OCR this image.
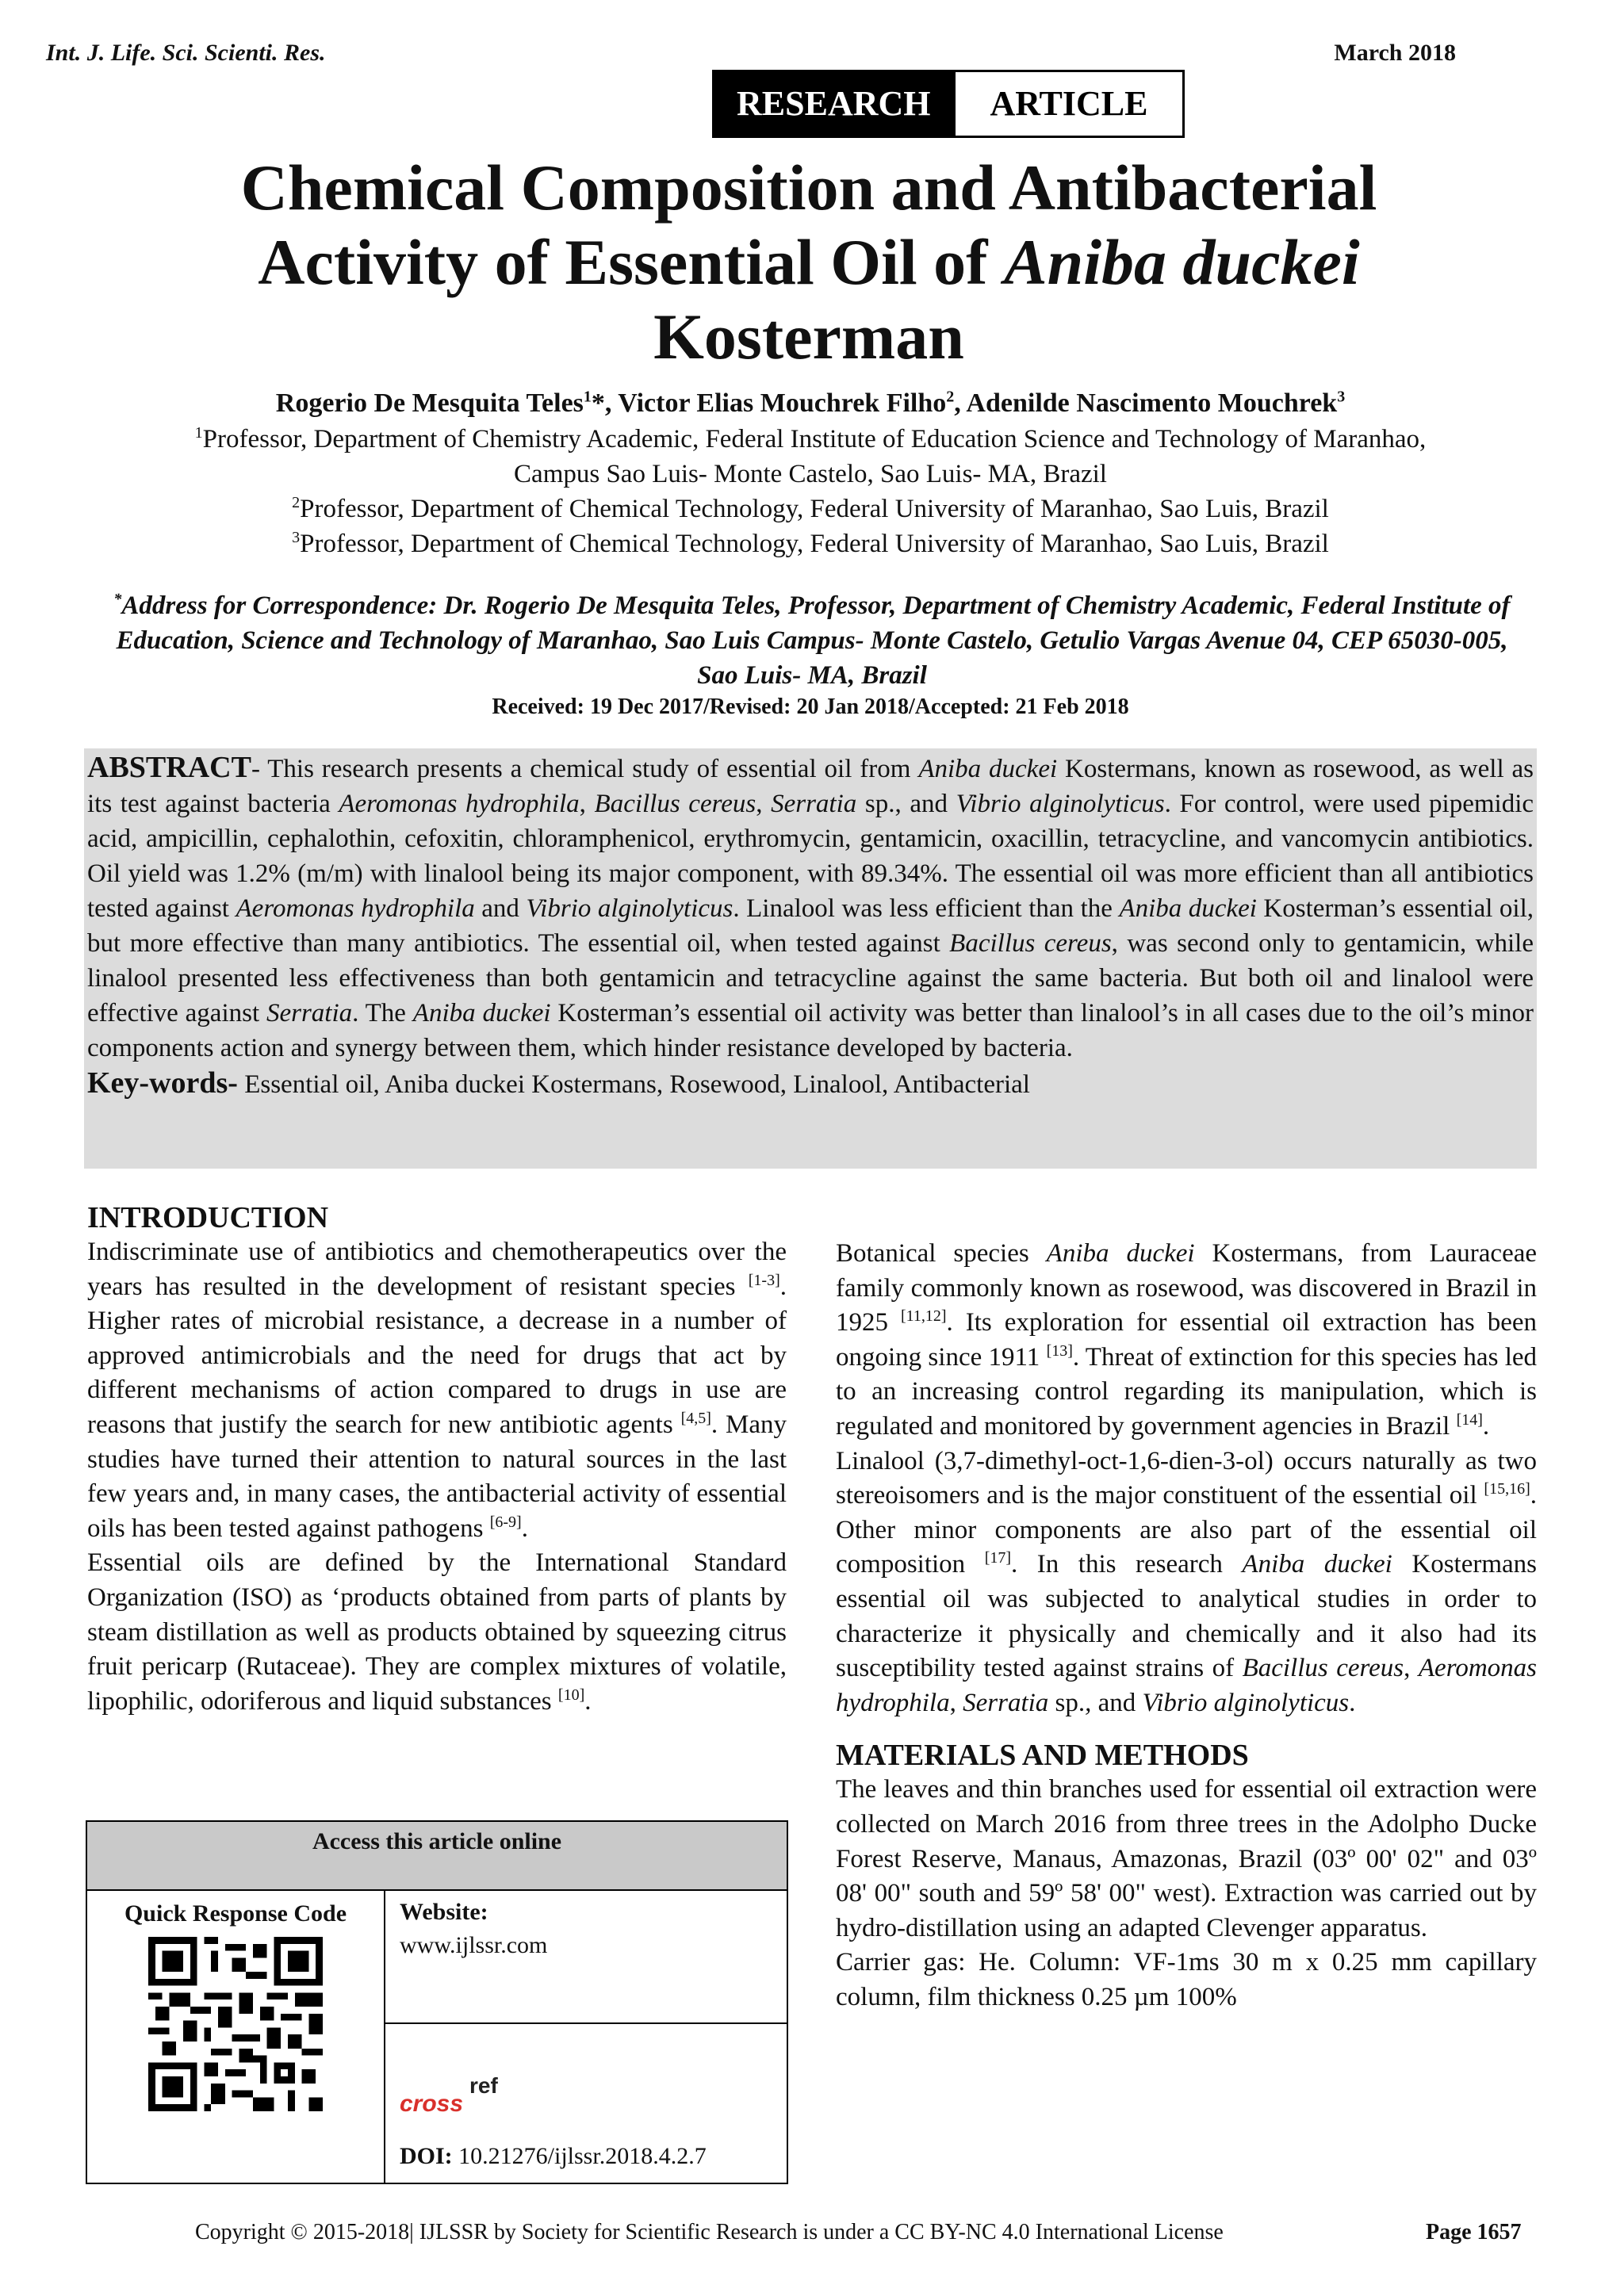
Int. J. Life. Sci. Scienti. Res.	March 2018
RESEARCH	ARTICLE
Chemical Composition and Antibacterial
Activity of Essential Oil of Aniba duckei
Kosterman
Rogerio De Mesquita Teles$^1$*, Victor Elias Mouchrek Filho$^2$, Adenilde Nascimento Mouchrek$^3$
$^1$Professor, Department of Chemistry Academic, Federal Institute of Education Science and Technology of Maranhao,
Campus Sao Luis- Monte Castelo, Sao Luis- MA, Brazil
$^2$Professor, Department of Chemical Technology, Federal University of Maranhao, Sao Luis, Brazil
$^3$Professor, Department of Chemical Technology, Federal University of Maranhao, Sao Luis, Brazil
*Address for Correspondence: Dr. Rogerio De Mesquita Teles, Professor, Department of Chemistry Academic, Federal Institute of Education, Science and Technology of Maranhao, Sao Luis Campus- Monte Castelo, Getulio Vargas Avenue 04, CEP 65030-005, Sao Luis- MA, Brazil
Received: 19 Dec 2017/Revised: 20 Jan 2018/Accepted: 21 Feb 2018
ABSTRACT- This research presents a chemical study of essential oil from Aniba duckei Kostermans, known as rosewood, as well as its test against bacteria Aeromonas hydrophila, Bacillus cereus, Serratia sp., and Vibrio alginolyticus. For control, were used pipemidic acid, ampicillin, cephalothin, cefoxitin, chloramphenicol, erythromycin, gentamicin, oxacillin, tetracycline, and vancomycin antibiotics. Oil yield was 1.2% (m/m) with linalool being its major component, with 89.34%. The essential oil was more efficient than all antibiotics tested against Aeromonas hydrophila and Vibrio alginolyticus. Linalool was less efficient than the Aniba duckei Kosterman’s essential oil, but more effective than many antibiotics. The essential oil, when tested against Bacillus cereus, was second only to gentamicin, while linalool presented less effectiveness than both gentamicin and tetracycline against the same bacteria. But both oil and linalool were effective against Serratia. The Aniba duckei Kosterman’s essential oil activity was better than linalool’s in all cases due to the oil’s minor components action and synergy between them, which hinder resistance developed by bacteria.
Key-words- Essential oil, Aniba duckei Kostermans, Rosewood, Linalool, Antibacterial
INTRODUCTION

Indiscriminate use of antibiotics and chemotherapeutics over the years has resulted in the development of resistant species [1-3]. Higher rates of microbial resistance, a decrease in a number of approved antimicrobials and the need for drugs that act by different mechanisms of action compared to drugs in use are reasons that justify the search for new antibiotic agents [4,5]. Many studies have turned their attention to natural sources in the last few years and, in many cases, the antibacterial activity of essential oils has been tested against pathogens [6-9].

Essential oils are defined by the International Standard Organization (ISO) as ‘products obtained from parts of plants by steam distillation as well as products obtained by squeezing citrus fruit pericarp (Rutaceae). They are complex mixtures of volatile, lipophilic, odoriferous and liquid substances [10].

Access this article online

Quick Response Code	Website:
www.ijlssr.com

cross
ref
DOI: 10.21276/ijlssr.2018.4.2.7

Botanical species Aniba duckei Kostermans, from Lauraceae family commonly known as rosewood, was discovered in Brazil in 1925 [11,12]. Its exploration for essential oil extraction has been ongoing since 1911 [13]. Threat of extinction for this species has led to an increasing control regarding its manipulation, which is regulated and monitored by government agencies in Brazil [14].

Linalool (3,7-dimethyl-oct-1,6-dien-3-ol) occurs naturally as two stereoisomers and is the major constituent of the essential oil [15,16]. Other minor components are also part of the essential oil composition [17]. In this research Aniba duckei Kostermans essential oil was subjected to analytical studies in order to characterize it physically and chemically and it also had its susceptibility tested against strains of Bacillus cereus, Aeromonas hydrophila, Serratia sp., and Vibrio alginolyticus.

MATERIALS AND METHODS

The leaves and thin branches used for essential oil extraction were collected on March 2016 from three trees in the Adolpho Ducke Forest Reserve, Manaus, Amazonas, Brazil (03º 00' 02" and 03º 08' 00" south and 59º 58' 00" west). Extraction was carried out by hydro-distillation using an adapted Clevenger apparatus.

Carrier gas: He. Column: VF-1ms 30 m x 0.25 mm capillary column, film thickness 0.25 µm 100%

Copyright © 2015-2018| IJLSSR by Society for Scientific Research is under a CC BY-NC 4.0 International License	Page 1657
